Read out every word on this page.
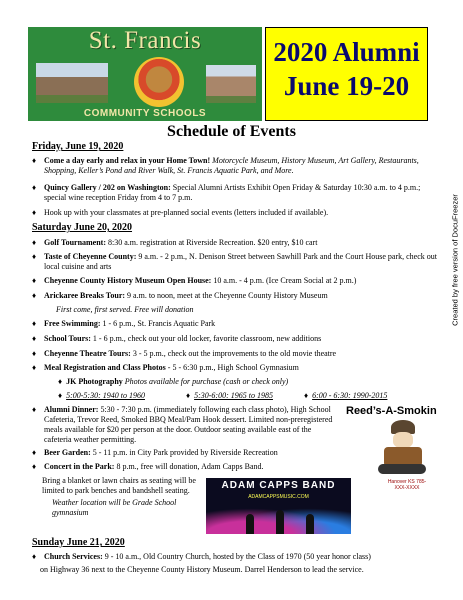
St. Francis
COMMUNITY SCHOOLS
2020 Alumni
June 19-20
Created by free version of DocuFreezer
Schedule of Events
Friday, June 19, 2020
♦ Come a day early and relax in your Home Town! Motorcycle Museum, History Museum, Art Gallery, Restaurants, Shopping, Keller’s Pond and River Walk, St. Francis Aquatic Park, and More.
♦ Quincy Gallery / 202 on Washington: Special Alumni Artists Exhibit Open Friday & Saturday 10:30 a.m. to 4 p.m.; special wine reception Friday from 4 to 7 p.m.
♦ Hook up with your classmates at pre-planned social events (letters included if available).
Saturday June 20, 2020
♦ Golf Tournament: 8:30 a.m. registration at Riverside Recreation. $20 entry, $10 cart
♦ Taste of Cheyenne County: 9 a.m. - 2 p.m., N. Denison Street between Sawhill Park and the Court House park, check out local cuisine and arts
♦ Cheyenne County History Museum Open House: 10 a.m. - 4 p.m. (Ice Cream Social at 2 p.m.)
♦ Arickaree Breaks Tour: 9 a.m. to noon, meet at the Cheyenne County History Museum
First come, first served. Free will donation
♦ Free Swimming: 1 - 6 p.m., St. Francis Aquatic Park
♦ School Tours: 1 - 6 p.m., check out your old locker, favorite classroom, new additions
♦ Cheyenne Theatre Tours: 3 - 5 p.m., check out the improvements to the old movie theatre
♦ Meal Registration and Class Photos - 5 - 6:30 p.m., High School Gymnasium
♦ JK Photography Photos available for purchase (cash or check only)
♦ 5:00-5:30: 1940 to 1960	♦ 5:30-6:00: 1965 to 1985	♦ 6:00 - 6:30: 1990-2015
♦ Alumni Dinner: 5:30 - 7:30 p.m. (immediately following each class photo), High School Cafeteria, Trevor Reed, Smoked BBQ Meal/Pam Hook dessert. Limited non-preregistered meals available for $20 per person at the door. Outdoor seating available east of the cafeteria weather permitting.
♦ Beer Garden: 5 - 11 p.m. in City Park provided by Riverside Recreation
♦ Concert in the Park: 8 p.m., free will donation, Adam Capps Band.
Bring a blanket or lawn chairs as seating will be limited to park benches and bandshell seating.
Weather location will be Grade School gymnasium
Reed’s-A-Smokin
Hanover KS 785-XXX-XXXX
ADAM CAPPS BAND
ADAMCAPPSMUSIC.COM
Sunday June 21, 2020
♦ Church Services: 9 - 10 a.m., Old Country Church, hosted by the Class of 1970 (50 year honor class)
on Highway 36 next to the Cheyenne County History Museum. Darrel Henderson to lead the service.
